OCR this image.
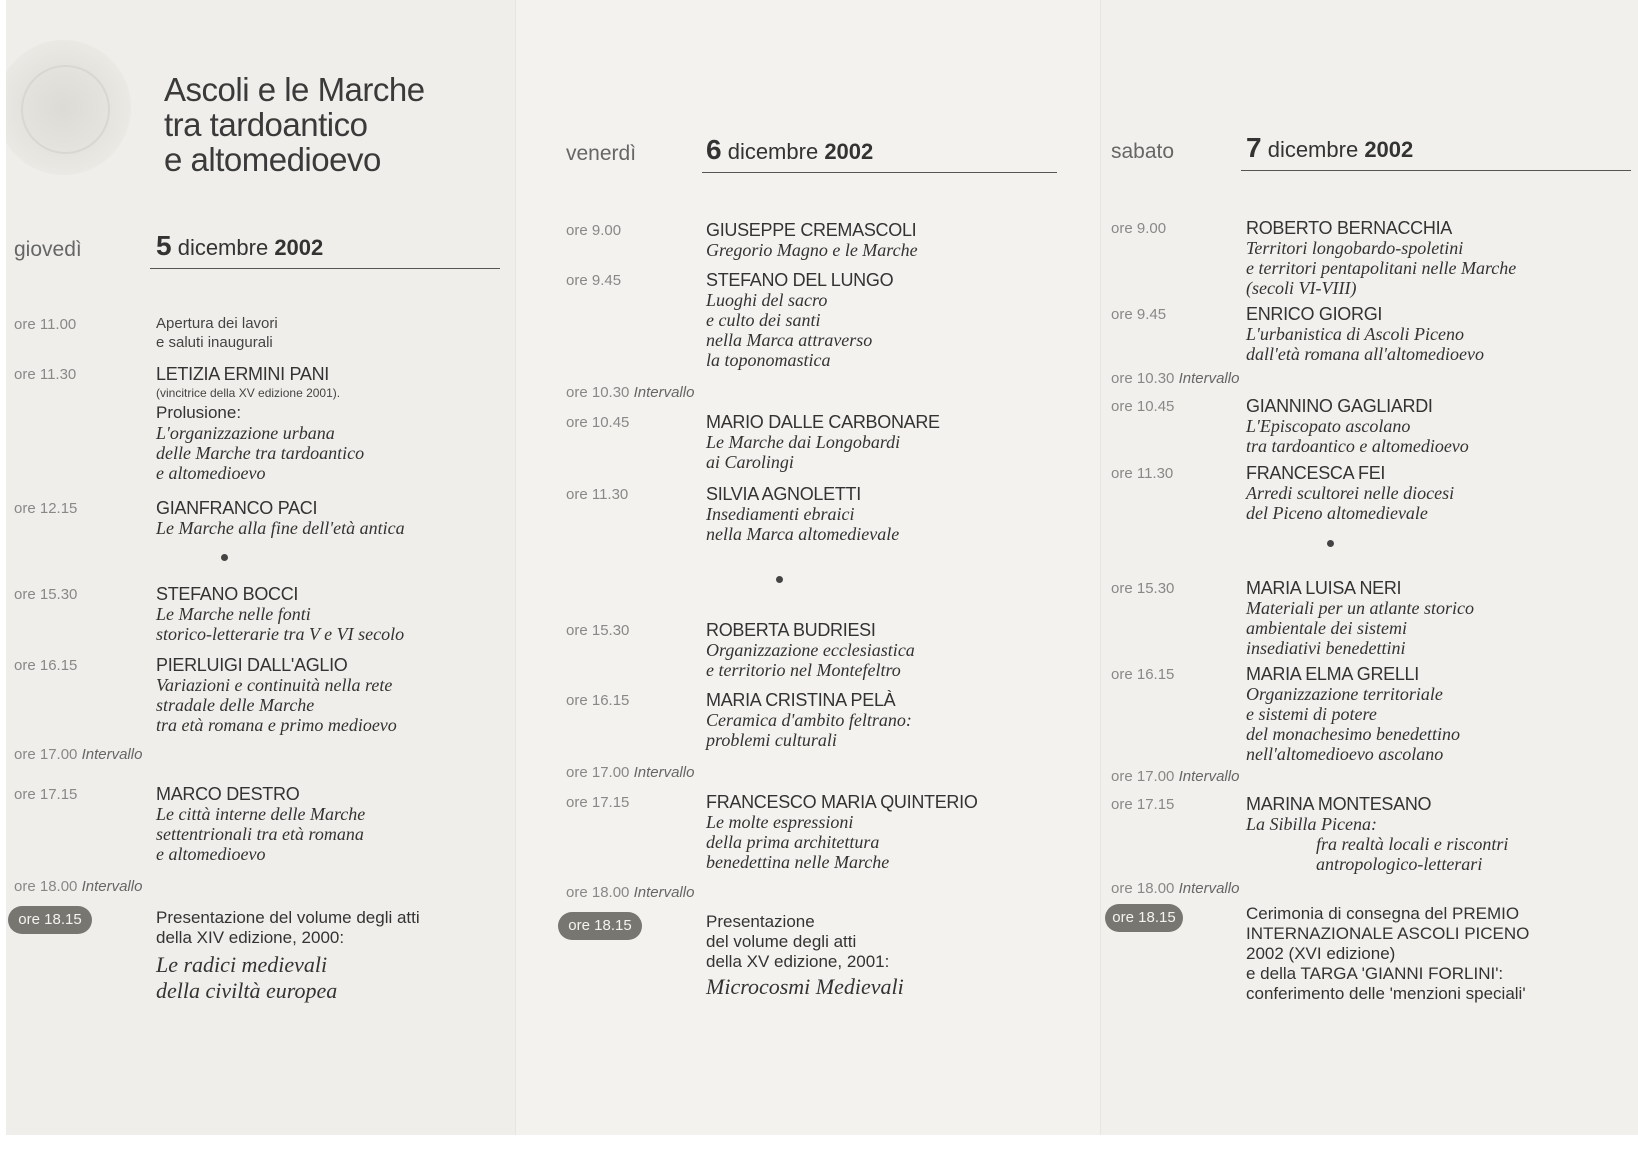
Ascoli e le Marche
tra tardoantico
e altomedioevo
giovedì	5 dicembre 2002
ore 11.00	Apertura dei lavori
e saluti inaugurali
ore 11.30	LETIZIA ERMINI PANI
(vincitrice della XV edizione 2001).
Prolusione:
L'organizzazione urbana
delle Marche tra tardoantico
e altomedioevo
ore 12.15	GIANFRANCO PACI
Le Marche alla fine dell'età antica
ore 15.30	STEFANO BOCCI
Le Marche nelle fonti
storico-letterarie tra V e VI secolo
ore 16.15	PIERLUIGI DALL'AGLIO
Variazioni e continuità nella rete
stradale delle Marche
tra età romana e primo medioevo
ore 17.00 Intervallo
ore 17.15	MARCO DESTRO
Le città interne delle Marche
settentrionali tra età romana
e altomedioevo
ore 18.00 Intervallo
ore 18.15	Presentazione del volume degli atti
della XIV edizione, 2000:
Le radici medievali
della civiltà europea
venerdì 6 dicembre 2002
ore 9.00	GIUSEPPE CREMASCOLI
Gregorio Magno e le Marche
ore 9.45	STEFANO DEL LUNGO
Luoghi del sacro
e culto dei santi
nella Marca attraverso
la toponomastica
ore 10.30 Intervallo
ore 10.45	MARIO DALLE CARBONARE
Le Marche dai Longobardi
ai Carolingi
ore 11.30	SILVIA AGNOLETTI
Insediamenti ebraici
nella Marca altomedievale
ore 15.30	ROBERTA BUDRIESI
Organizzazione ecclesiastica
e territorio nel Montefeltro
ore 16.15	MARIA CRISTINA PELÀ
Ceramica d'ambito feltrano:
problemi culturali
ore 17.00 Intervallo
ore 17.15	FRANCESCO MARIA QUINTERIO
Le molte espressioni
della prima architettura
benedettina nelle Marche
ore 18.00 Intervallo
ore 18.15	Presentazione
del volume degli atti
della XV edizione, 2001:
Microcosmi Medievali
sabato	7 dicembre 2002
ore 9.00	ROBERTO BERNACCHIA
Territori longobardo-spoletini
e territori pentapolitani nelle Marche
(secoli VI-VIII)
ore 9.45	ENRICO GIORGI
L'urbanistica di Ascoli Piceno
dall'età romana all'altomedioevo
ore 10.30 Intervallo
ore 10.45	GIANNINO GAGLIARDI
L'Episcopato ascolano
tra tardoantico e altomedioevo
ore 11.30	FRANCESCA FEI
Arredi scultorei nelle diocesi
del Piceno altomedievale
ore 15.30	MARIA LUISA NERI
Materiali per un atlante storico
ambientale dei sistemi
insediativi benedettini
ore 16.15	MARIA ELMA GRELLI
Organizzazione territoriale
e sistemi di potere
del monachesimo benedettino
nell'altomedioevo ascolano
ore 17.00 Intervallo
ore 17.15	MARINA MONTESANO
La Sibilla Picena:
fra realtà locali e riscontri
antropologico-letterari
ore 18.00 Intervallo
ore 18.15	Cerimonia di consegna del PREMIO
INTERNAZIONALE ASCOLI PICENO
2002 (XVI edizione)
e della TARGA 'GIANNI FORLINI':
conferimento delle 'menzioni speciali'
